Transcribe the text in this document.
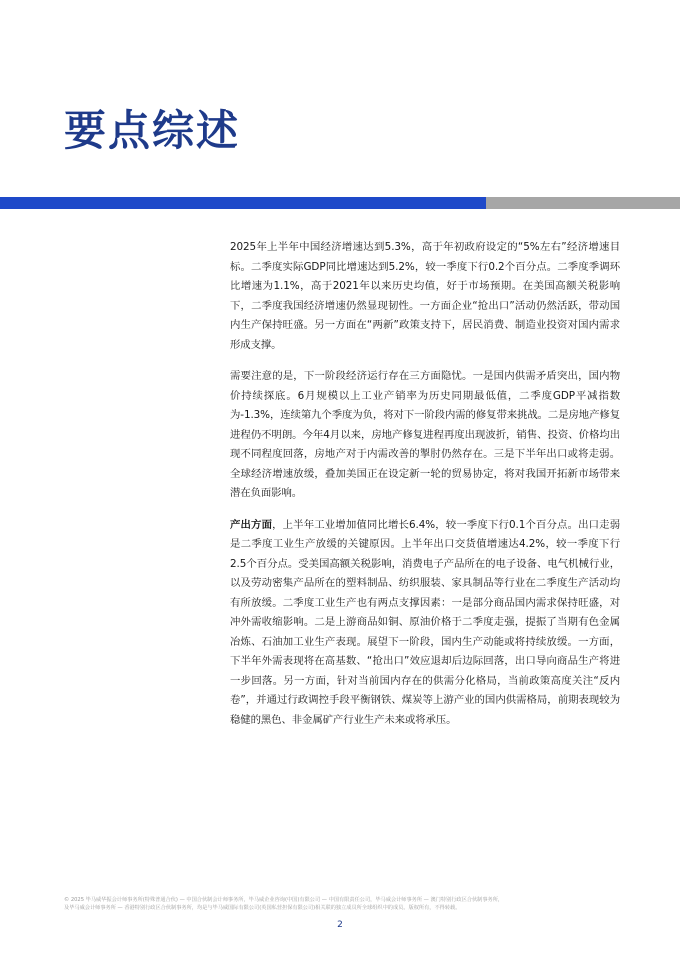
要点综述

2025年上半年中国经济增速达到5.3%，高于年初政府设定的“5%左右”经济增速目标。二季度实际GDP同比增速达到5.2%，较一季度下行0.2个百分点。二季度季调环比增速为1.1%，高于2021年以来历史均值，好于市场预期。在美国高额关税影响下，二季度我国经济增速仍然显现韧性。一方面企业“抢出口”活动仍然活跃，带动国内生产保持旺盛。另一方面在“两新”政策支持下，居民消费、制造业投资对国内需求形成支撑。

需要注意的是，下一阶段经济运行存在三方面隐忧。一是国内供需矛盾突出，国内物价持续探底。6月规模以上工业产销率为历史同期最低值，二季度GDP平减指数为-1.3%，连续第九个季度为负，将对下一阶段内需的修复带来挑战。二是房地产修复进程仍不明朗。今年4月以来，房地产修复进程再度出现波折，销售、投资、价格均出现不同程度回落，房地产对于内需改善的掣肘仍然存在。三是下半年出口或将走弱。全球经济增速放缓，叠加美国正在设定新一轮的贸易协定，将对我国开拓新市场带来潜在负面影响。

产出方面，上半年工业增加值同比增长6.4%，较一季度下行0.1个百分点。出口走弱是二季度工业生产放缓的关键原因。上半年出口交货值增速达4.2%，较一季度下行2.5个百分点。受美国高额关税影响，消费电子产品所在的电子设备、电气机械行业，以及劳动密集产品所在的塑料制品、纺织服装、家具制品等行业在二季度生产活动均有所放缓。二季度工业生产也有两点支撑因素：一是部分商品国内需求保持旺盛，对冲外需收缩影响。二是上游商品如铜、原油价格于二季度走强，提振了当期有色金属冶炼、石油加工业生产表现。展望下一阶段，国内生产动能或将持续放缓。一方面，下半年外需表现将在高基数、“抢出口”效应退却后边际回落，出口导向商品生产将进一步回落。另一方面，针对当前国内存在的供需分化格局，当前政策高度关注“反内卷”，并通过行政调控手段平衡钢铁、煤炭等上游产业的国内供需格局，前期表现较为稳健的黑色、非金属矿产行业生产未来或将承压。

© 2025 毕马威华振会计师事务所(特殊普通合伙) — 中国合伙制会计师事务所，毕马威企业咨询(中国)有限公司 — 中国有限责任公司，毕马威会计师事务所 — 澳门特别行政区合伙制事务所，
及毕马威会计师事务所 — 香港特别行政区合伙制事务所，均是与毕马威国际有限公司(英国私营担保有限公司)相关联的独立成员所全球组织中的成员。版权所有，不得转载。
2
